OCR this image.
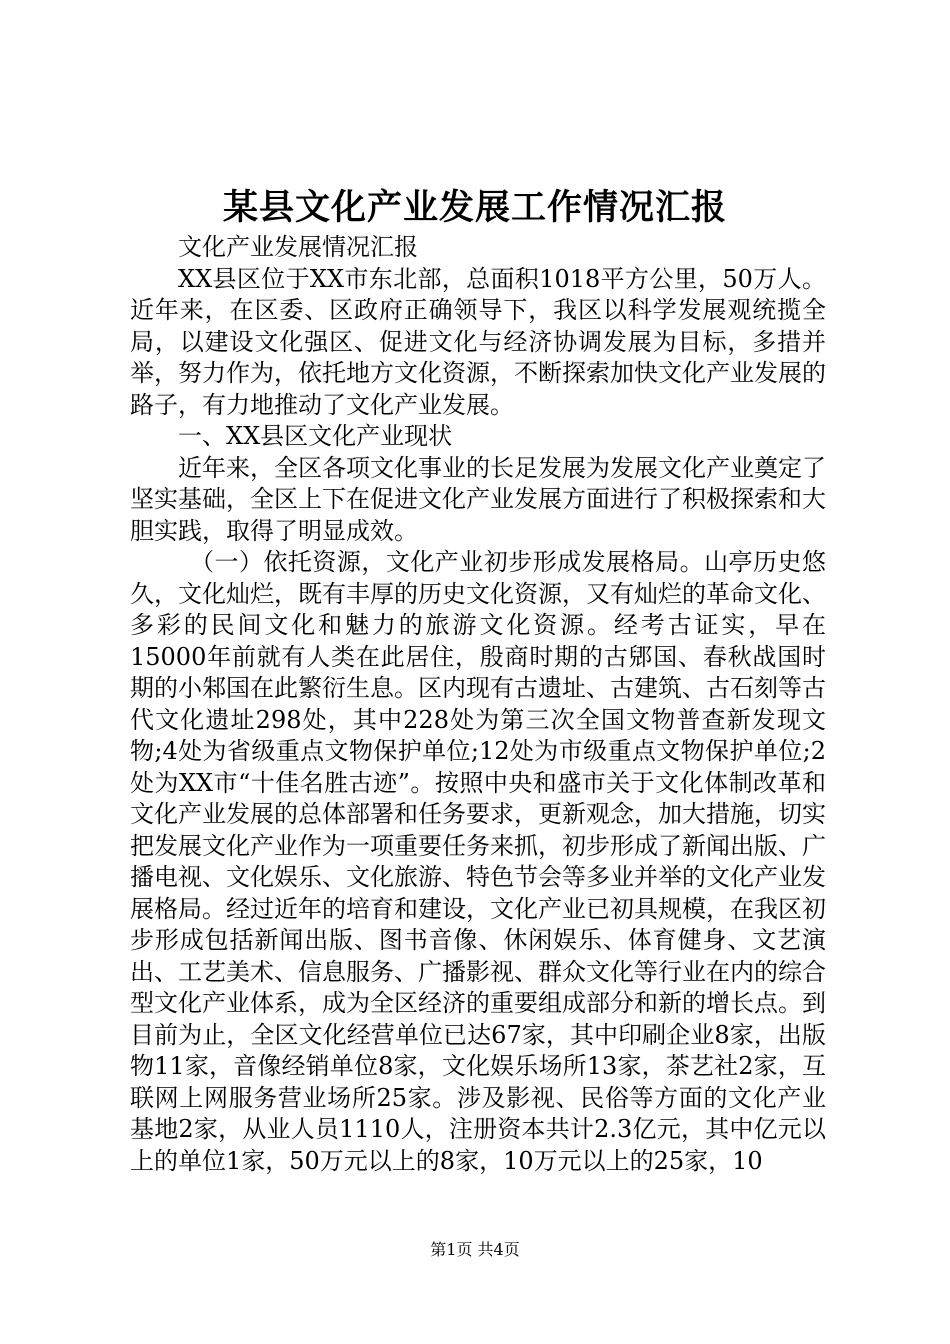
某县文化产业发展工作情况汇报

文化产业发展情况汇报

XX县区位于XX市东北部，总面积1018平方公里，50万人。近年来，在区委、区政府正确领导下，我区以科学发展观统揽全局，以建设文化强区、促进文化与经济协调发展为目标，多措并举，努力作为，依托地方文化资源，不断探索加快文化产业发展的路子，有力地推动了文化产业发展。

一、XX县区文化产业现状

近年来，全区各项文化事业的长足发展为发展文化产业奠定了坚实基础，全区上下在促进文化产业发展方面进行了积极探索和大胆实践，取得了明显成效。

（一）依托资源，文化产业初步形成发展格局。山亭历史悠久，文化灿烂，既有丰厚的历史文化资源，又有灿烂的革命文化、多彩的民间文化和魅力的旅游文化资源。经考古证实，早在15000年前就有人类在此居住，殷商时期的古郳国、春秋战国时期的小邾国在此繁衍生息。区内现有古遗址、古建筑、古石刻等古代文化遗址298处，其中228处为第三次全国文物普查新发现文物;4处为省级重点文物保护单位;12处为市级重点文物保护单位;2处为XX市“十佳名胜古迹”。按照中央和盛市关于文化体制改革和文化产业发展的总体部署和任务要求，更新观念，加大措施，切实把发展文化产业作为一项重要任务来抓，初步形成了新闻出版、广播电视、文化娱乐、文化旅游、特色节会等多业并举的文化产业发展格局。经过近年的培育和建设，文化产业已初具规模，在我区初步形成包括新闻出版、图书音像、休闲娱乐、体育健身、文艺演出、工艺美术、信息服务、广播影视、群众文化等行业在内的综合型文化产业体系，成为全区经济的重要组成部分和新的增长点。到目前为止，全区文化经营单位已达67家，其中印刷企业8家，出版物11家，音像经销单位8家，文化娱乐场所13家，茶艺社2家，互联网上网服务营业场所25家。涉及影视、民俗等方面的文化产业基地2家，从业人员1110人，注册资本共计2.3亿元，其中亿元以上的单位1家，50万元以上的8家，10万元以上的25家，10

第1页 共4页
